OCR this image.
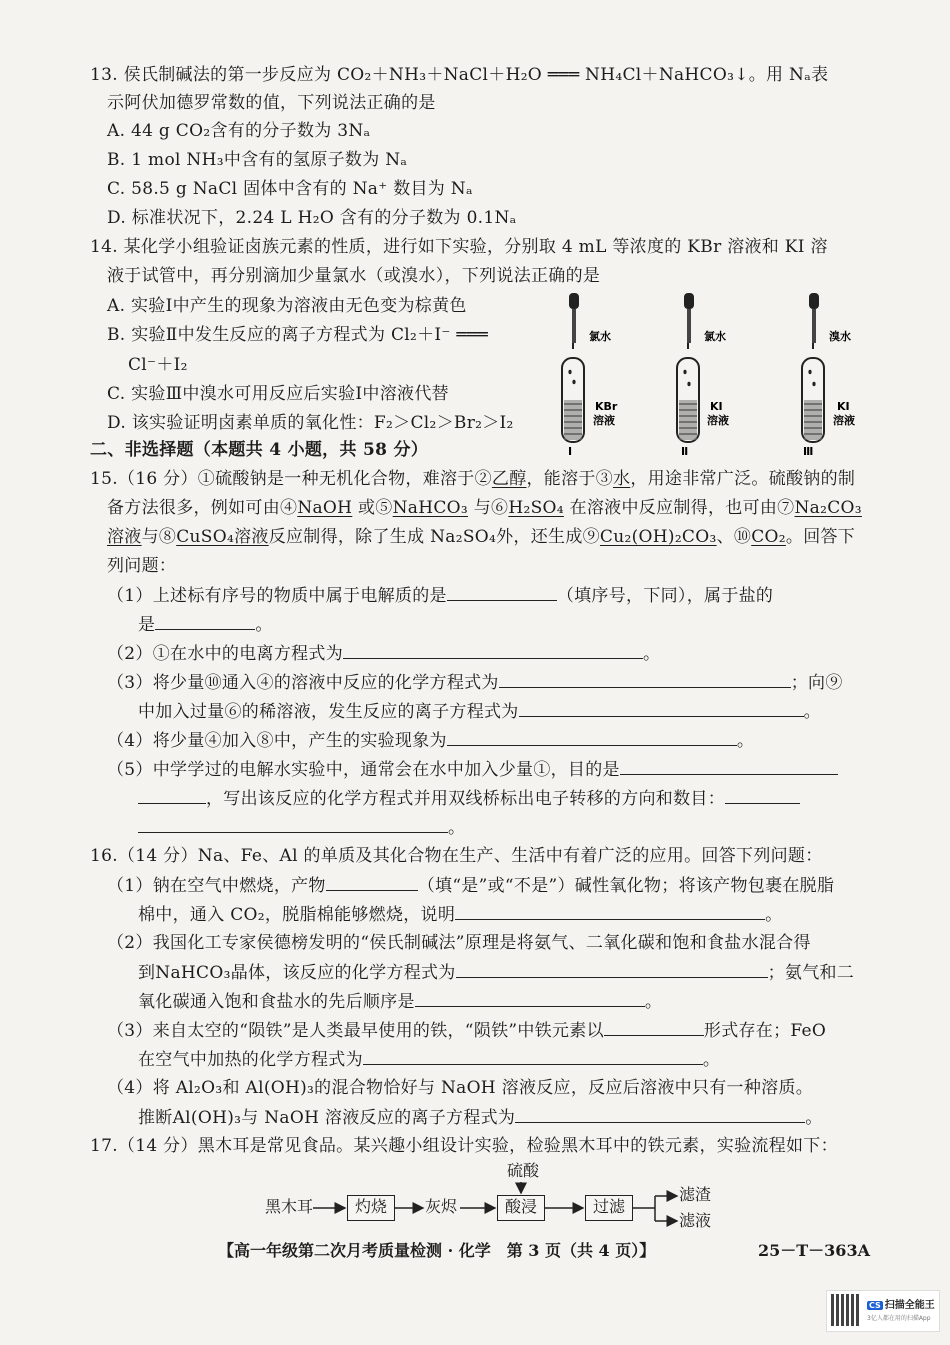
13. 侯氏制碱法的第一步反应为 CO₂＋NH₃＋NaCl＋H₂O ═══ NH₄Cl＋NaHCO₃↓。用 Nₐ表
示阿伏加德罗常数的值，下列说法正确的是
A. 44 g CO₂含有的分子数为 3Nₐ
B. 1 mol NH₃中含有的氢原子数为 Nₐ
C. 58.5 g NaCl 固体中含有的 Na⁺ 数目为 Nₐ
D. 标准状况下，2.24 L H₂O 含有的分子数为 0.1Nₐ
14. 某化学小组验证卤族元素的性质，进行如下实验，分别取 4 mL 等浓度的 KBr 溶液和 KI 溶
液于试管中，再分别滴加少量氯水（或溴水），下列说法正确的是
A. 实验Ⅰ中产生的现象为溶液由无色变为棕黄色
B. 实验Ⅱ中发生反应的离子方程式为 Cl₂＋I⁻ ═══
Cl⁻＋I₂
C. 实验Ⅲ中溴水可用反应后实验Ⅰ中溶液代替
D. 该实验证明卤素单质的氧化性：F₂＞Cl₂＞Br₂＞I₂
氯水
KBr
溶液
Ⅰ
氯水
KI
溶液
Ⅱ
溴水
KI
溶液
Ⅲ
二、非选择题（本题共 4 小题，共 58 分）
15.（16 分）①硫酸钠是一种无机化合物，难溶于②乙醇，能溶于③水，用途非常广泛。硫酸钠的制
备方法很多，例如可由④NaOH 或⑤NaHCO₃ 与⑥H₂SO₄ 在溶液中反应制得，也可由⑦Na₂CO₃
溶液与⑧CuSO₄溶液反应制得，除了生成 Na₂SO₄外，还生成⑨Cu₂(OH)₂CO₃、⑩CO₂。回答下
列问题：
（1）上述标有序号的物质中属于电解质的是	（填序号，下同），属于盐的
是	。
（2）①在水中的电离方程式为	。
（3）将少量⑩通入④的溶液中反应的化学方程式为	；向⑨
中加入过量⑥的稀溶液，发生反应的离子方程式为	。
（4）将少量④加入⑧中，产生的实验现象为	。
（5）中学学过的电解水实验中，通常会在水中加入少量①，目的是
，写出该反应的化学方程式并用双线桥标出电子转移的方向和数目：
。
16.（14 分）Na、Fe、Al 的单质及其化合物在生产、生活中有着广泛的应用。回答下列问题：
（1）钠在空气中燃烧，产物	（填“是”或“不是”）碱性氧化物；将该产物包裹在脱脂
棉中，通入 CO₂，脱脂棉能够燃烧，说明	。
（2）我国化工专家侯德榜发明的“侯氏制碱法”原理是将氨气、二氧化碳和饱和食盐水混合得
到NaHCO₃晶体，该反应的化学方程式为	；氨气和二
氧化碳通入饱和食盐水的先后顺序是	。
（3）来自太空的“陨铁”是人类最早使用的铁，“陨铁”中铁元素以	形式存在；FeO
在空气中加热的化学方程式为	。
（4）将 Al₂O₃和 Al(OH)₃的混合物恰好与 NaOH 溶液反应，反应后溶液中只有一种溶质。
推断Al(OH)₃与 NaOH 溶液反应的离子方程式为	。
17.（14 分）黑木耳是常见食品。某兴趣小组设计实验，检验黑木耳中的铁元素，实验流程如下：
黑木耳	灼烧	灰烬
硫酸
酸浸	过滤
滤渣
滤液
【高一年级第二次月考质量检测 · 化学　第 3 页（共 4 页）】	25－T－363A
CS 扫描全能王
3亿人都在用的扫描App
